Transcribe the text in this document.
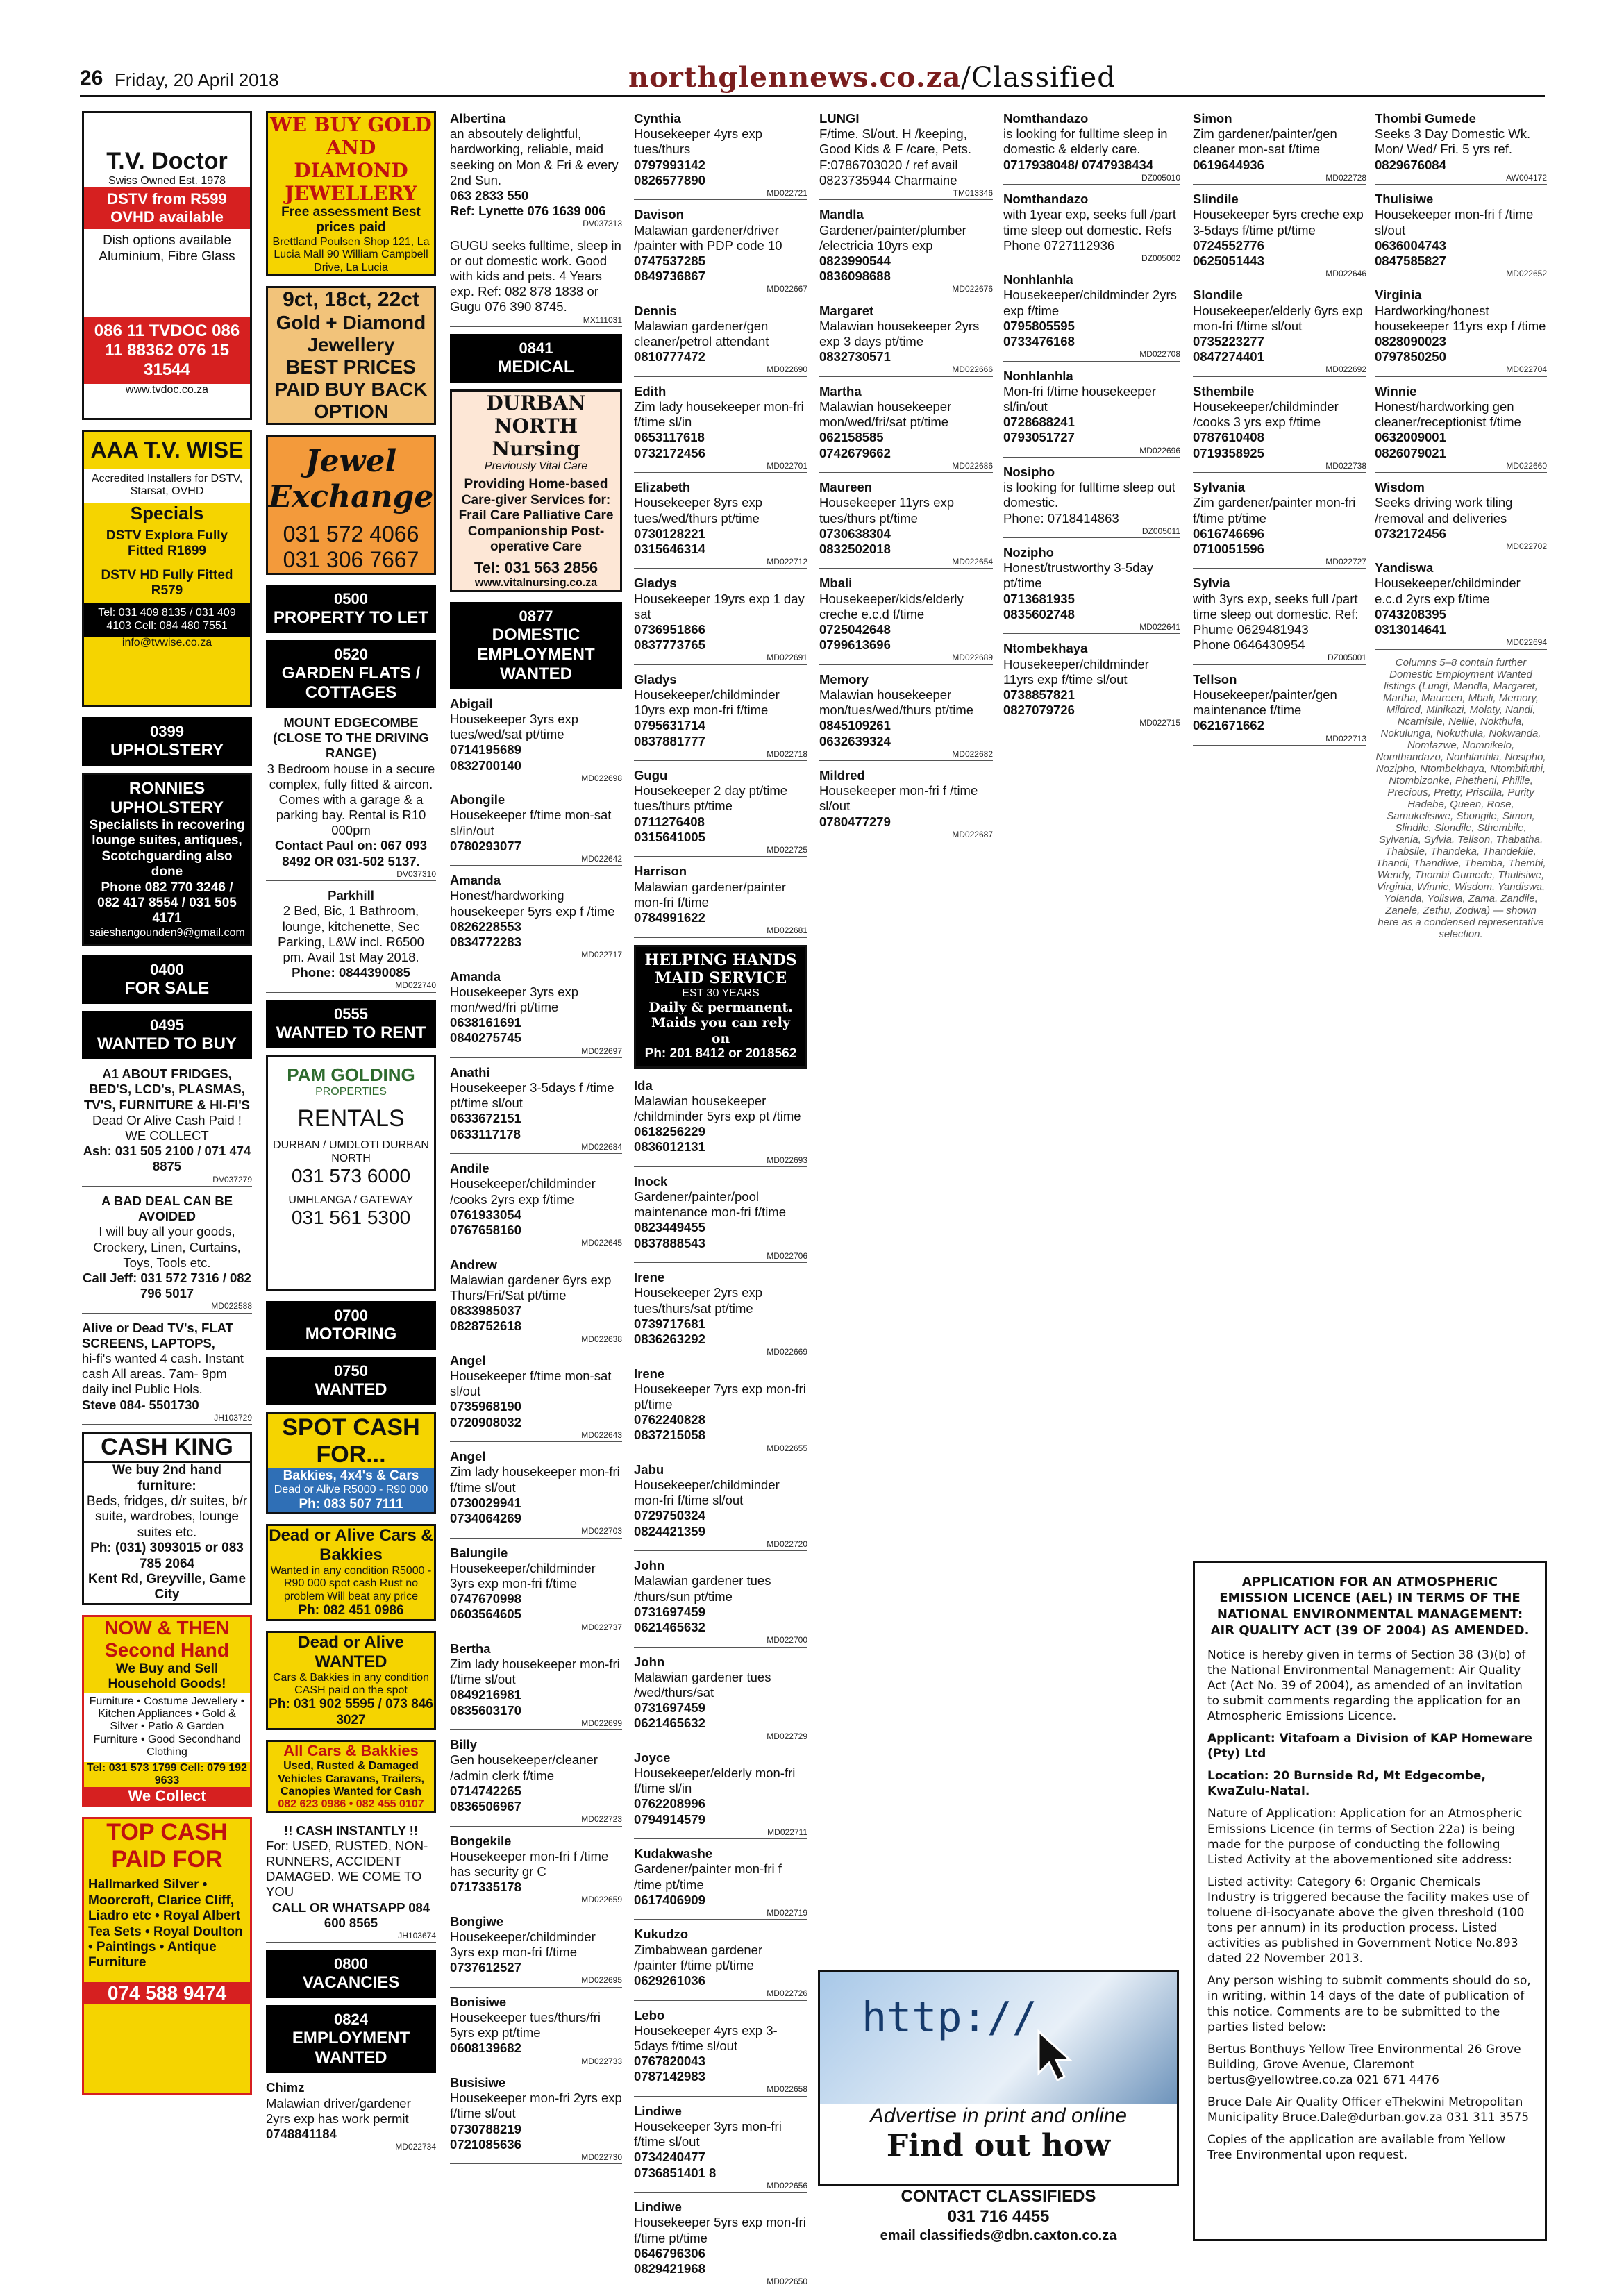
26 Friday, 20 April 2018	northglennews.co.za/Classified
T.V. Doctor
Swiss Owned Est. 1978
DSTV from R599 OVHD available
Dish options available Aluminium, Fibre Glass
086 11 TVDOC 086 11 88362 076 15 31544
www.tvdoc.co.za
AAA T.V. WISE
Accredited Installers for DSTV, Starsat, OVHD
Specials
DSTV Explora Fully Fitted R1699
DSTV HD Fully Fitted R579
Tel: 031 409 8135 / 031 409 4103 Cell: 084 480 7551
info@tvwise.co.za
0399
UPHOLSTERY
RONNIES UPHOLSTERY
Specialists in recovering lounge suites, antiques, Scotchguarding also done
Phone 082 770 3246 / 082 417 8554 / 031 505 4171
saieshangounden9@gmail.com
0400
FOR SALE
0495
WANTED TO BUY
A1 ABOUT FRIDGES, BED'S, LCD's, PLASMAS, TV'S, FURNITURE & HI-FI'S
Dead Or Alive Cash Paid ! WE COLLECT
Ash: 031 505 2100 / 071 474 8875
DV037279
A BAD DEAL CAN BE AVOIDED
I will buy all your goods, Crockery, Linen, Curtains, Toys, Tools etc.
Call Jeff: 031 572 7316 / 082 796 5017
MD022588
Alive or Dead TV's, FLAT SCREENS, LAPTOPS,
hi-fi's wanted 4 cash. Instant cash All areas. 7am- 9pm daily incl Public Hols.
Steve 084- 5501730
JH103729
CASH KING
We buy 2nd hand furniture:
Beds, fridges, d/r suites, b/r suite, wardrobes, lounge suites etc.
Ph: (031) 3093015 or 083 785 2064
Kent Rd, Greyville, Game City
NOW & THEN Second Hand
We Buy and Sell Household Goods!
Furniture • Costume Jewellery • Kitchen Appliances • Gold & Silver • Patio & Garden Furniture • Good Secondhand Clothing
Tel: 031 573 1799 Cell: 079 192 9633
We Collect
TOP CASH PAID FOR
Hallmarked Silver • Moorcroft, Clarice Cliff, Liadro etc • Royal Albert Tea Sets • Royal Doulton • Paintings • Antique Furniture
074 588 9474
WE BUY GOLD AND DIAMOND JEWELLERY
Free assessment Best prices paid
Brettland Poulsen Shop 121, La Lucia Mall 90 William Campbell Drive, La Lucia
9ct, 18ct, 22ct
Gold + Diamond Jewellery
BEST PRICES PAID BUY BACK OPTION
Jewel Exchange
031 572 4066
031 306 7667
0500
PROPERTY TO LET
0520
GARDEN FLATS / COTTAGES
MOUNT EDGECOMBE (CLOSE TO THE DRIVING RANGE)
3 Bedroom house in a secure complex, fully fitted & aircon. Comes with a garage & a parking bay. Rental is R10 000pm
Contact Paul on: 067 093 8492 OR 031-502 5137.
DV037310
Parkhill
2 Bed, Bic, 1 Bathroom, lounge, kitchenette, Sec Parking, L&W incl. R6500 pm. Avail 1st May 2018.
Phone: 0844390085
MD022740
0555
WANTED TO RENT
PAM GOLDING
PROPERTIES
RENTALS
DURBAN / UMDLOTI DURBAN NORTH
031 573 6000
UMHLANGA / GATEWAY
031 561 5300
0700
MOTORING
0750
WANTED
SPOT CASH FOR...
Bakkies, 4x4's & Cars
Dead or Alive R5000 - R90 000
Ph: 083 507 7111
Dead or Alive Cars & Bakkies
Wanted in any condition R5000 - R90 000 spot cash Rust no problem Will beat any price
Ph: 082 451 0986
Dead or Alive WANTED
Cars & Bakkies in any condition CASH paid on the spot
Ph: 031 902 5595 / 073 846 3027
All Cars & Bakkies
Used, Rusted & Damaged Vehicles Caravans, Trailers, Canopies Wanted for Cash
082 623 0986 • 082 455 0107
!! CASH INSTANTLY !!
For: USED, RUSTED, NON-RUNNERS, ACCIDENT DAMAGED. WE COME TO YOU
CALL OR WHATSAPP 084 600 8565
JH103674
0800
VACANCIES
0824
EMPLOYMENT WANTED
Chimz
Malawian driver/gardener
2yrs exp has work permit
0748841184
MD022734
Albertina
an absoutely delightful, hardworking, reliable, maid seeking on Mon & Fri & every 2nd Sun.
063 2833 550
Ref: Lynette 076 1639 006
DV037313
GUGU seeks fulltime, sleep in or out domestic work. Good with kids and pets. 4 Years exp. Ref: 082 878 1838 or Gugu 076 390 8745.
MX111031
0841
MEDICAL
DURBAN NORTH Nursing
Previously Vital Care
Providing Home-based Care-giver Services for: Frail Care Palliative Care Companionship Post-operative Care
Tel: 031 563 2856
www.vitalnursing.co.za
0877
DOMESTIC EMPLOYMENT WANTED
Abigail
Housekeeper 3yrs exp tues/wed/sat pt/time
0714195689
0832700140
MD022698
Abongile
Housekeeper f/time mon-sat sl/in/out
0780293077
MD022642
Amanda
Honest/hardworking housekeeper 5yrs exp f /time
0826228553
0834772283
MD022717
Amanda
Housekeeper 3yrs exp mon/wed/fri pt/time
0638161691
0840275745
MD022697
Anathi
Housekeeper 3-5days f /time pt/time sl/out
0633672151
0633117178
MD022684
Andile
Housekeeper/childminder /cooks 2yrs exp f/time
0761933054
0767658160
MD022645
Andrew
Malawian gardener 6yrs exp Thurs/Fri/Sat pt/time
0833985037
0828752618
MD022638
Angel
Housekeeper f/time mon-sat sl/out
0735968190
0720908032
MD022643
Angel
Zim lady housekeeper mon-fri f/time sl/out
0730029941
0734064269
MD022703
Balungile
Housekeeper/childminder 3yrs exp mon-fri f/time
0747670998
0603564605
MD022737
Bertha
Zim lady housekeeper mon-fri f/time sl/out
0849216981
0835603170
MD022699
Billy
Gen housekeeper/cleaner /admin clerk f/time
0714742265
0836506967
MD022723
Bongekile
Housekeeper mon-fri f /time has security gr C
0717335178
MD022659
Bongiwe
Housekeeper/childminder 3yrs exp mon-fri f/time
0737612527
MD022695
Bonisiwe
Housekeeper tues/thurs/fri 5yrs exp pt/time
0608139682
MD022733
Busisiwe
Housekeeper mon-fri 2yrs exp f/time sl/out
0730788219
0721085636
MD022730
Cynthia
Housekeeper 4yrs exp tues/thurs
0797993142
0826577890
MD022721
Davison
Malawian gardener/driver /painter with PDP code 10
0747537285
0849736867
MD022667
Dennis
Malawian gardener/gen cleaner/petrol attendant
0810777472
MD022690
Edith
Zim lady housekeeper mon-fri f/time sl/in
0653117618
0732172456
MD022701
Elizabeth
Housekeeper 8yrs exp tues/wed/thurs pt/time
0730128221
0315646314
MD022712
Gladys
Housekeeper 19yrs exp 1 day sat
0736951866
0837773765
MD022691
Gladys
Housekeeper/childminder 10yrs exp mon-fri f/time
0795631714
0837881777
MD022718
Gugu
Housekeeper 2 day pt/time tues/thurs pt/time
0711276408
0315641005
MD022725
Harrison
Malawian gardener/painter mon-fri f/time
0784991622
MD022681
HELPING HANDS MAID SERVICE
EST 30 YEARS
Daily & permanent. Maids you can rely on
Ph: 201 8412 or 2018562
Ida
Malawian housekeeper /childminder 5yrs exp pt /time
0618256229
0836012131
MD022693
Inock
Gardener/painter/pool maintenance mon-fri f/time
0823449455
0837888543
MD022706
Irene
Housekeeper 2yrs exp tues/thurs/sat pt/time
0739717681
0836263292
MD022669
Irene
Housekeeper 7yrs exp mon-fri pt/time
0762240828
0837215058
MD022655
Jabu
Housekeeper/childminder mon-fri f/time sl/out
0729750324
0824421359
MD022720
John
Malawian gardener tues /thurs/sun pt/time
0731697459
0621465632
MD022700
John
Malawian gardener tues /wed/thurs/sat
0731697459
0621465632
MD022729
Joyce
Housekeeper/elderly mon-fri f/time sl/in
0762208996
0794914579
MD022711
Kudakwashe
Gardener/painter mon-fri f /time pt/time
0617406909
MD022719
Kukudzo
Zimbabwean gardener /painter f/time pt/time
0629261036
MD022726
Lebo
Housekeeper 4yrs exp 3-5days f/time sl/out
0767820043
0787142983
MD022658
Lindiwe
Housekeeper 3yrs mon-fri f/time sl/out
0734240477
0736851401 8
MD022656
Lindiwe
Housekeeper 5yrs exp mon-fri f/time pt/time
0646796306
0829421968
MD022650
LUNGI
F/time. Sl/out. H /keeping, Good Kids & F /care, Pets.
F:0786703020 / ref avail 0823735944 Charmaine
TM013346
Mandla
Gardener/painter/plumber /electricia 10yrs exp
0823990544
0836098688
MD022676
Margaret
Malawian housekeeper 2yrs exp 3 days pt/time
0832730571
MD022666
Martha
Malawian housekeeper mon/wed/fri/sat pt/time
062158585
0742679662
MD022686
Maureen
Housekeeper 11yrs exp tues/thurs pt/time
0730638304
0832502018
MD022654
Mbali
Housekeeper/kids/elderly creche e.c.d f/time
0725042648
0799613696
MD022689
Memory
Malawian housekeeper mon/tues/wed/thurs pt/time
0845109261
0632639324
MD022682
Mildred
Housekeeper mon-fri f /time sl/out
0780477279
MD022687
Nomthandazo
is looking for fulltime sleep in domestic & elderly care.
0717938048/ 0747938434
DZ005010
Nomthandazo
with 1year exp, seeks full /part time sleep out domestic. Refs
Phone 0727112936
DZ005002
Nonhlanhla
Housekeeper/childminder 2yrs exp f/time
0795805595
0733476168
MD022708
Nonhlanhla
Mon-fri f/time housekeeper sl/in/out
0728688241
0793051727
MD022696
Nosipho
is looking for fulltime sleep out domestic.
Phone: 0718414863
DZ005011
Nozipho
Honest/trustworthy 3-5day pt/time
0713681935
0835602748
MD022641
Ntombekhaya
Housekeeper/childminder 11yrs exp f/time sl/out
0738857821
0827079726
MD022715
Simon
Zim gardener/painter/gen cleaner mon-sat f/time
0619644936
MD022728
Slindile
Housekeeper 5yrs creche exp 3-5days f/time pt/time
0724552776
0625051443
MD022646
Slondile
Housekeeper/elderly 6yrs exp mon-fri f/time sl/out
0735223277
0847274401
MD022692
Sthembile
Housekeeper/childminder /cooks 3 yrs exp f/time
0787610408
0719358925
MD022738
Sylvania
Zim gardener/painter mon-fri f/time pt/time
0616746696
0710051596
MD022727
Sylvia
with 3yrs exp, seeks full /part time sleep out domestic. Ref: Phume 0629481943
Phone 0646430954
DZ005001
Tellson
Housekeeper/painter/gen maintenance f/time
0621671662
MD022713
Thombi Gumede
Seeks 3 Day Domestic Wk. Mon/ Wed/ Fri. 5 yrs ref.
0829676084
AW004172
Thulisiwe
Housekeeper mon-fri f /time sl/out
0636004743
0847585827
MD022652
Virginia
Hardworking/honest housekeeper 11yrs exp f /time
0828090023
0797850250
MD022704
Winnie
Honest/hardworking gen cleaner/receptionist f/time
0632009001
0826079021
MD022660
Wisdom
Seeks driving work tiling /removal and deliveries
0732172456
MD022702
Yandiswa
Housekeeper/childminder e.c.d 2yrs exp f/time
0743208395
0313014641
MD022694
Columns 5–8 contain further Domestic Employment Wanted listings (Lungi, Mandla, Margaret, Martha, Maureen, Mbali, Memory, Mildred, Minikazi, Molaty, Nandi, Ncamisile, Nellie, Nokthula, Nokulunga, Nokuthula, Nokwanda, Nomfazwe, Nomnikelo, Nomthandazo, Nonhlanhla, Nosipho, Nozipho, Ntombekhaya, Ntombifuthi, Ntombizonke, Phetheni, Philile, Precious, Pretty, Priscilla, Purity Hadebe, Queen, Rose, Samukelisiwe, Sbongile, Simon, Slindile, Slondile, Sthembile, Sylvania, Sylvia, Tellson, Thabatha, Thabsile, Thandeka, Thandekile, Thandi, Thandiwe, Themba, Thembi, Wendy, Thombi Gumede, Thulisiwe, Virginia, Winnie, Wisdom, Yandiswa, Yolanda, Yoliswa, Zama, Zandile, Zanele, Zethu, Zodwa) — shown here as a condensed representative selection.
APPLICATION FOR AN ATMOSPHERIC EMISSION LICENCE (AEL) IN TERMS OF THE NATIONAL ENVIRONMENTAL MANAGEMENT: AIR QUALITY ACT (39 OF 2004) AS AMENDED.

Notice is hereby given in terms of Section 38 (3)(b) of the National Environmental Management: Air Quality Act (Act No. 39 of 2004), as amended of an invitation to submit comments regarding the application for an Atmospheric Emissions Licence.

Applicant: Vitafoam a Division of KAP Homeware (Pty) Ltd

Location: 20 Burnside Rd, Mt Edgecombe, KwaZulu-Natal.

Nature of Application: Application for an Atmospheric Emissions Licence (in terms of Section 22a) is being made for the purpose of conducting the following Listed Activity at the abovementioned site address:

Listed activity: Category 6: Organic Chemicals Industry is triggered because the facility makes use of toluene di-isocyanate above the given threshold (100 tons per annum) in its production process. Listed activities as published in Government Notice No.893 dated 22 November 2013.

Any person wishing to submit comments should do so, in writing, within 14 days of the date of publication of this notice. Comments are to be submitted to the parties listed below:

Bertus Bonthuys Yellow Tree Environmental 26 Grove Building, Grove Avenue, Claremont bertus@yellowtree.co.za 021 671 4476

Bruce Dale Air Quality Officer eThekwini Metropolitan Municipality Bruce.Dale@durban.gov.za 031 311 3575

Copies of the application are available from Yellow Tree Environmental upon request.

http://
Advertise in print and online
Find out how
CONTACT CLASSIFIEDS
031 716 4455
email classifieds@dbn.caxton.co.za
